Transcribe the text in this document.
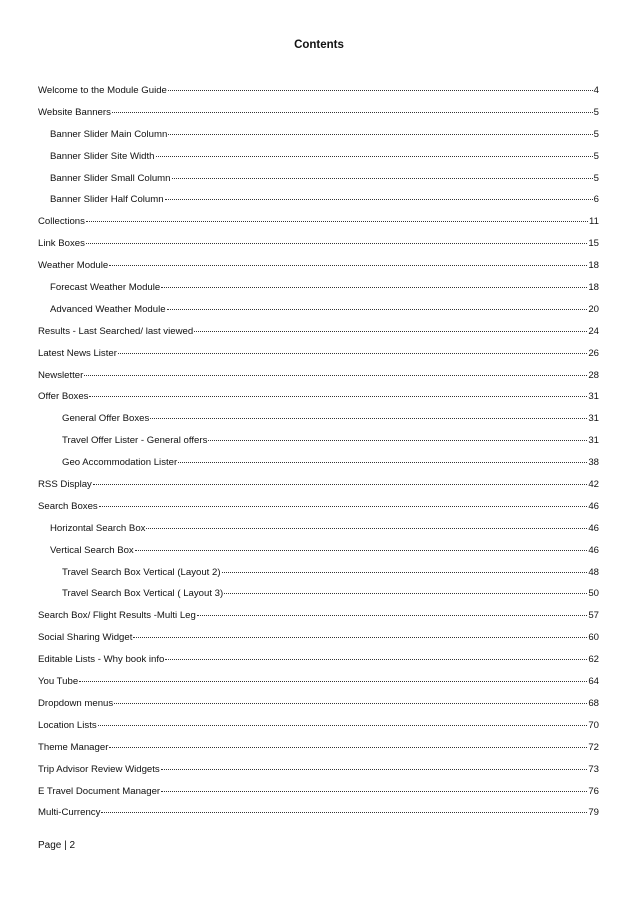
Contents
Welcome to the Module Guide	4
Website Banners	5
Banner Slider Main Column	5
Banner Slider Site Width	5
Banner Slider Small Column	5
Banner Slider Half Column	6
Collections	11
Link Boxes	15
Weather Module	18
Forecast Weather Module	18
Advanced Weather Module	20
Results - Last Searched/ last viewed	24
Latest News Lister	26
Newsletter	28
Offer Boxes	31
General Offer Boxes	31
Travel Offer Lister - General offers	31
Geo Accommodation Lister	38
RSS Display	42
Search Boxes	46
Horizontal Search Box	46
Vertical Search Box	46
Travel Search Box Vertical (Layout 2)	48
Travel Search Box Vertical ( Layout 3)	50
Search Box/ Flight Results -Multi Leg	57
Social Sharing Widget	60
Editable Lists - Why book info	62
You Tube	64
Dropdown menus	68
Location Lists	70
Theme Manager	72
Trip Advisor Review Widgets	73
E Travel Document Manager	76
Multi-Currency	79
Page | 2
